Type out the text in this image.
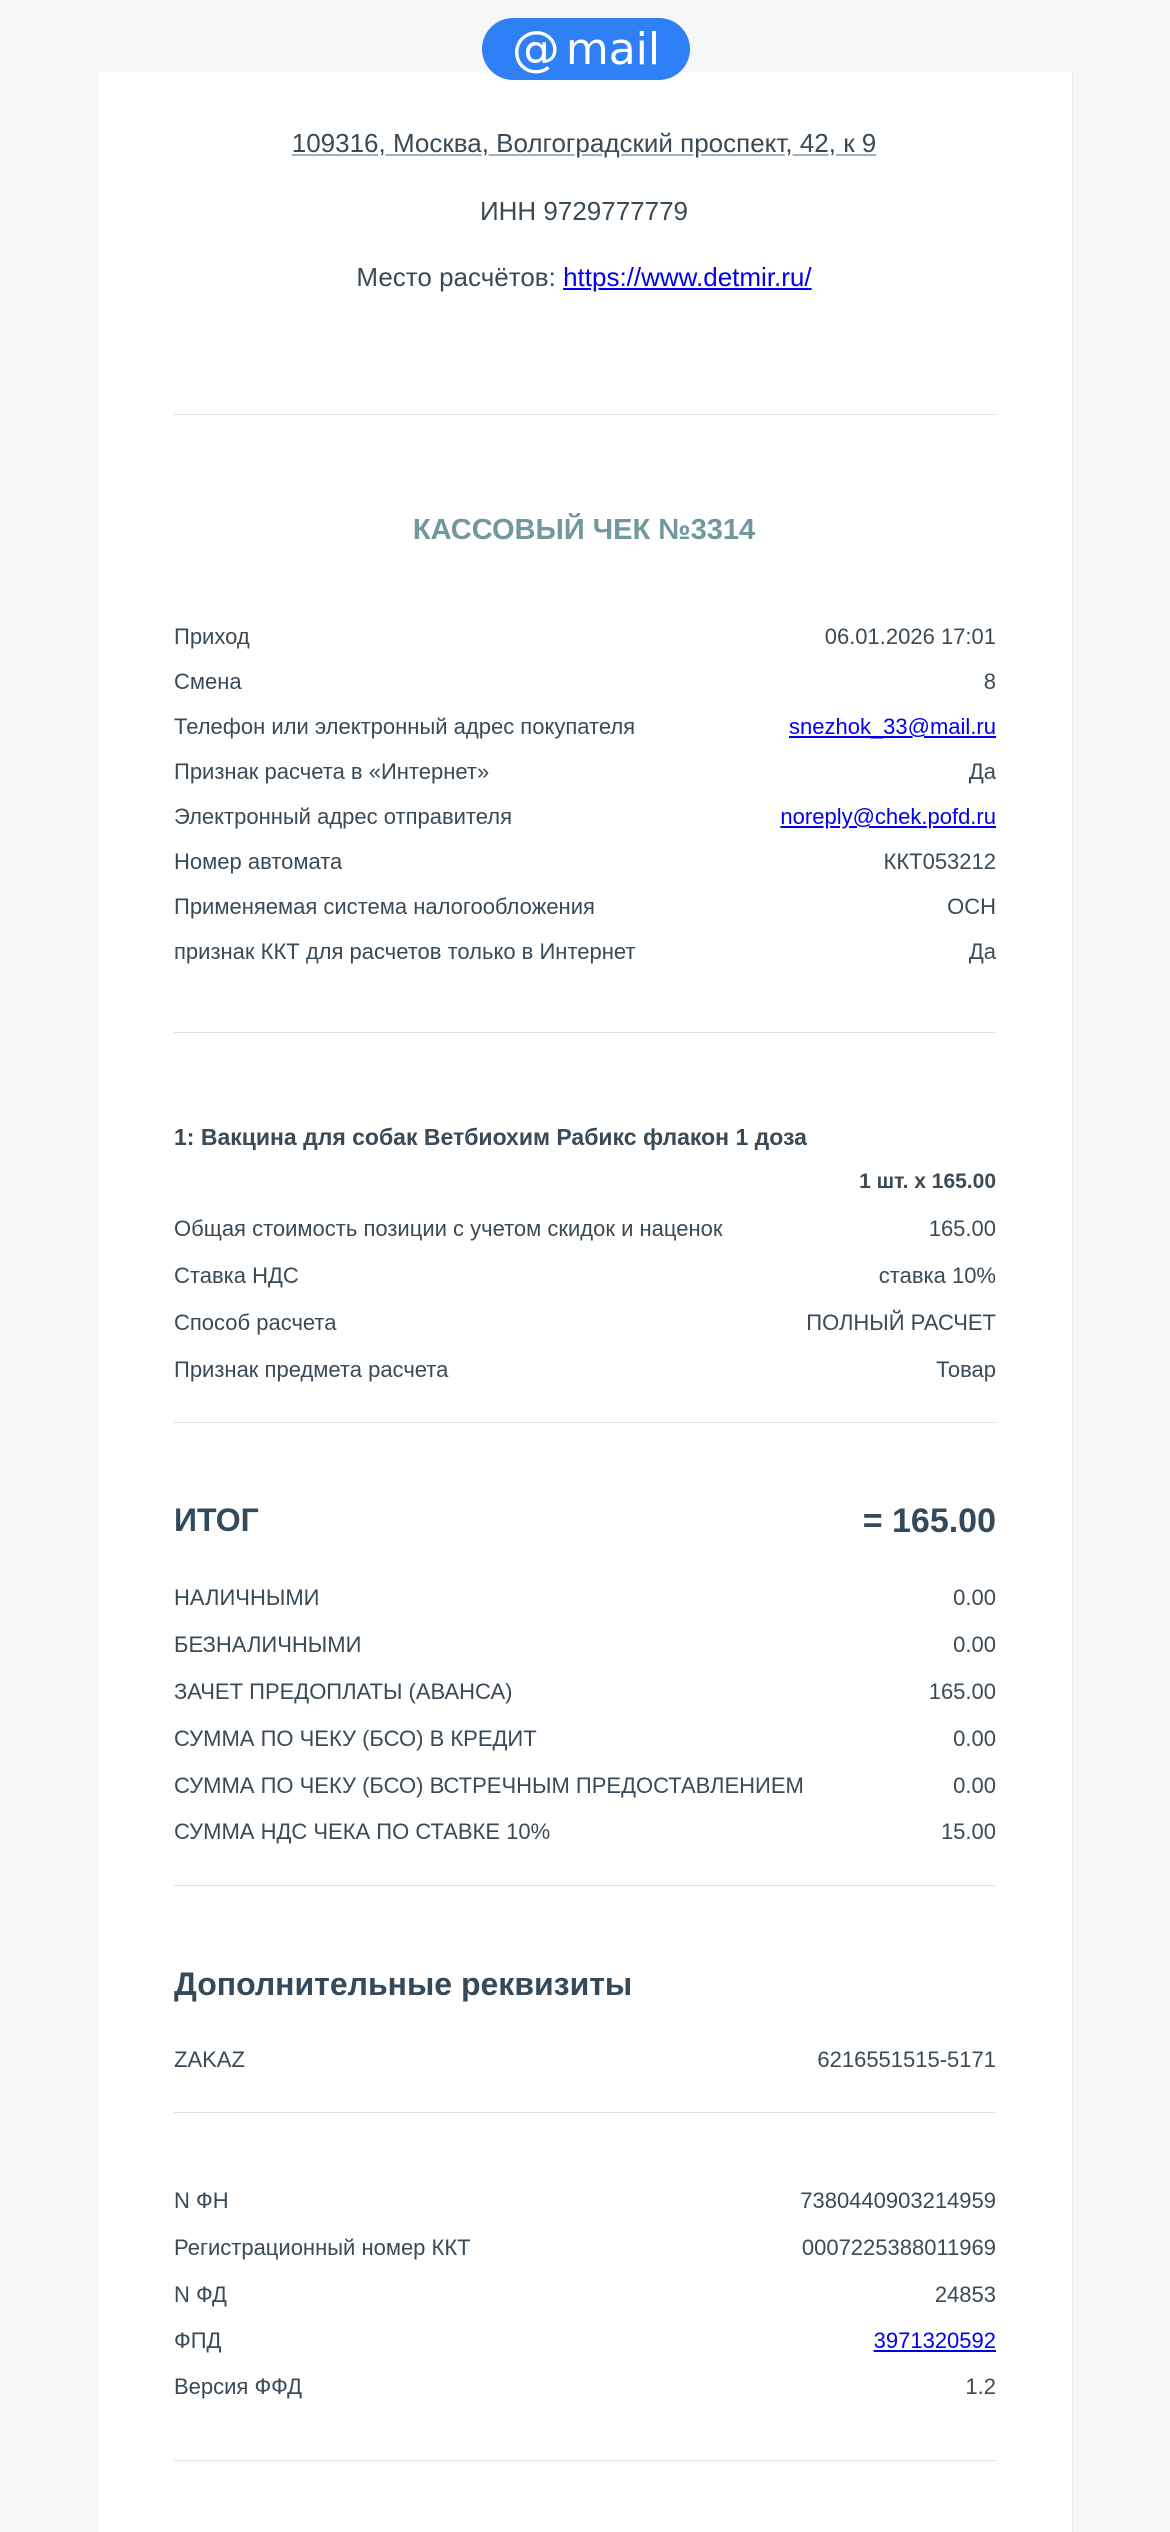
@ mail
109316, Москва, Волгоградский проспект, 42, к 9
ИНН 9729777779
Место расчётов: https://www.detmir.ru/
КАССОВЫЙ ЧЕК №3314
Приход	06.01.2026 17:01
Смена	8
Телефон или электронный адрес покупателя	snezhok_33@mail.ru
Признак расчета в «Интернет»	Да
Электронный адрес отправителя	noreply@chek.pofd.ru
Номер автомата	ККТ053212
Применяемая система налогообложения	ОСН
признак ККТ для расчетов только в Интернет	Да
1: Вакцина для собак Ветбиохим Рабикс флакон 1 доза
1 шт. х 165.00
Общая стоимость позиции с учетом скидок и наценок	165.00
Ставка НДС	ставка 10%
Способ расчета	ПОЛНЫЙ РАСЧЕТ
Признак предмета расчета	Товар
ИТОГ	= 165.00
НАЛИЧНЫМИ	0.00
БЕЗНАЛИЧНЫМИ	0.00
ЗАЧЕТ ПРЕДОПЛАТЫ (АВАНСА)	165.00
СУММА ПО ЧЕКУ (БСО) В КРЕДИТ	0.00
СУММА ПО ЧЕКУ (БСО) ВСТРЕЧНЫМ ПРЕДОСТАВЛЕНИЕМ	0.00
СУММА НДС ЧЕКА ПО СТАВКЕ 10%	15.00
Дополнительные реквизиты
ZAKAZ	6216551515-5171
N ФН	7380440903214959
Регистрационный номер ККТ	0007225388011969
N ФД	24853
ФПД	3971320592
Версия ФФД	1.2
